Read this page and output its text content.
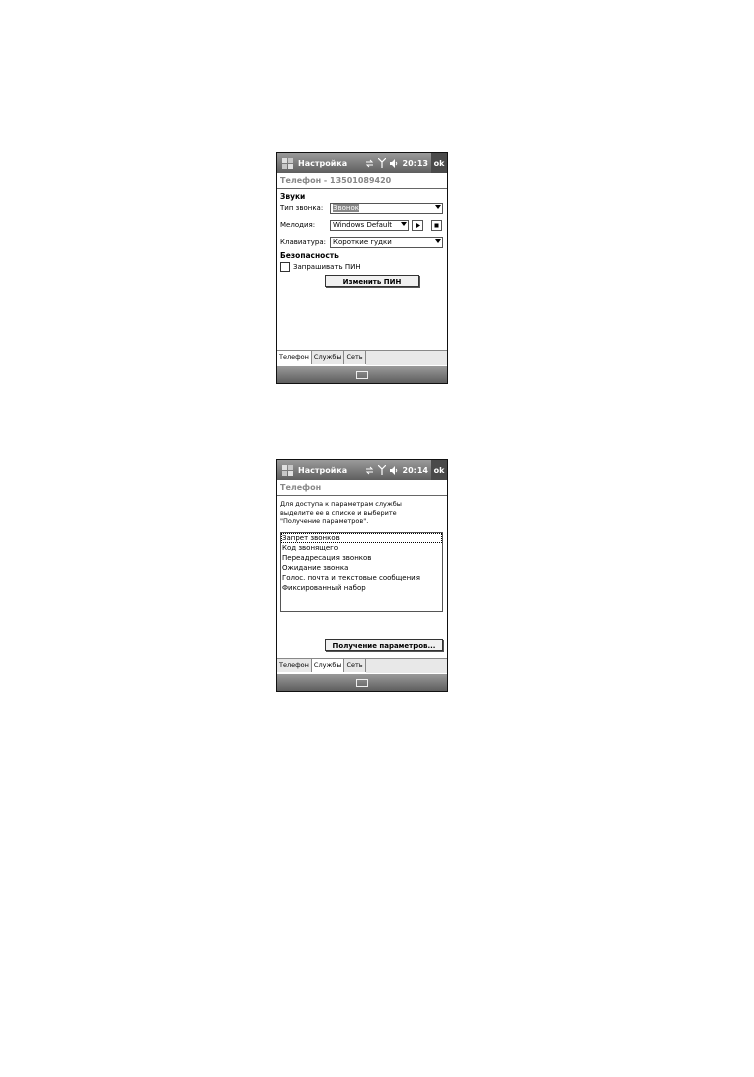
Настройка	20:13 ok
Телефон - 13501089420
Звуки
Тип звонка:	Звонок
Мелодия:	Windows Default
Клавиатура: Короткие гудки
Безопасность
Запрашивать ПИН
Изменить ПИН
Телефон Службы Сеть
Настройка	20:14 ok
Телефон
Для доступа к параметрам службы
выделите ее в списке и выберите
"Получение параметров".
Запрет звонков
Код звонящего
Переадресация звонков
Ожидание звонка
Голос. почта и текстовые сообщения
Фиксированный набор
Получение параметров...
Телефон Службы Сеть
